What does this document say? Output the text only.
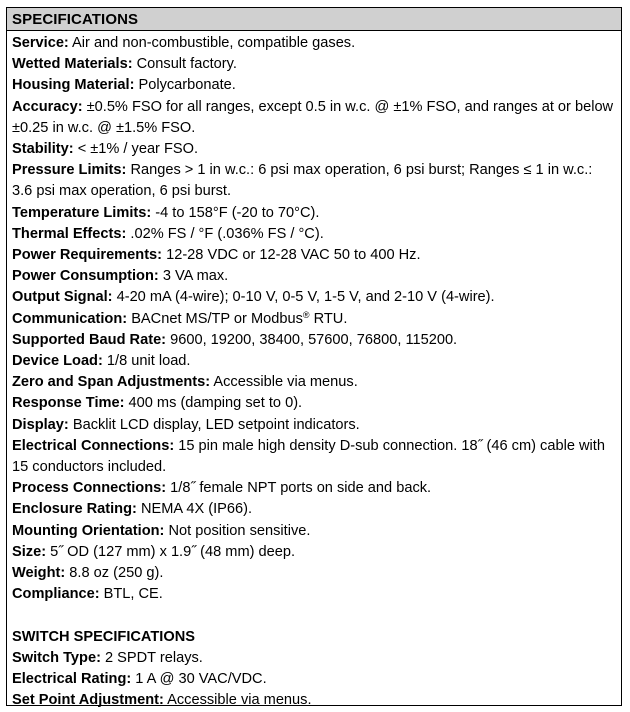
SPECIFICATIONS

Service: Air and non-combustible, compatible gases.

Wetted Materials: Consult factory.

Housing Material: Polycarbonate.

Accuracy: ±0.5% FSO for all ranges, except 0.5 in w.c. @ ±1% FSO, and ranges at or below ±0.25 in w.c. @ ±1.5% FSO.

Stability: < ±1% / year FSO.

Pressure Limits: Ranges > 1 in w.c.: 6 psi max operation, 6 psi burst; Ranges ≤ 1 in w.c.: 3.6 psi max operation, 6 psi burst.

Temperature Limits: -4 to 158°F (-20 to 70°C).

Thermal Effects: .02% FS / °F (.036% FS / °C).

Power Requirements: 12-28 VDC or 12-28 VAC 50 to 400 Hz.

Power Consumption: 3 VA max.

Output Signal: 4-20 mA (4-wire); 0-10 V, 0-5 V, 1-5 V, and 2-10 V (4-wire).

Communication: BACnet MS/TP or Modbus® RTU.

Supported Baud Rate: 9600, 19200, 38400, 57600, 76800, 115200.

Device Load: 1/8 unit load.

Zero and Span Adjustments: Accessible via menus.

Response Time: 400 ms (damping set to 0).

Display: Backlit LCD display, LED setpoint indicators.

Electrical Connections: 15 pin male high density D-sub connection. 18˝ (46 cm) cable with 15 conductors included.

Process Connections: 1/8˝ female NPT ports on side and back.

Enclosure Rating: NEMA 4X (IP66).

Mounting Orientation: Not position sensitive.

Size: 5˝ OD (127 mm) x 1.9˝ (48 mm) deep.

Weight: 8.8 oz (250 g).

Compliance: BTL, CE.

SWITCH SPECIFICATIONS

Switch Type: 2 SPDT relays.

Electrical Rating: 1 A @ 30 VAC/VDC.

Set Point Adjustment: Accessible via menus.
